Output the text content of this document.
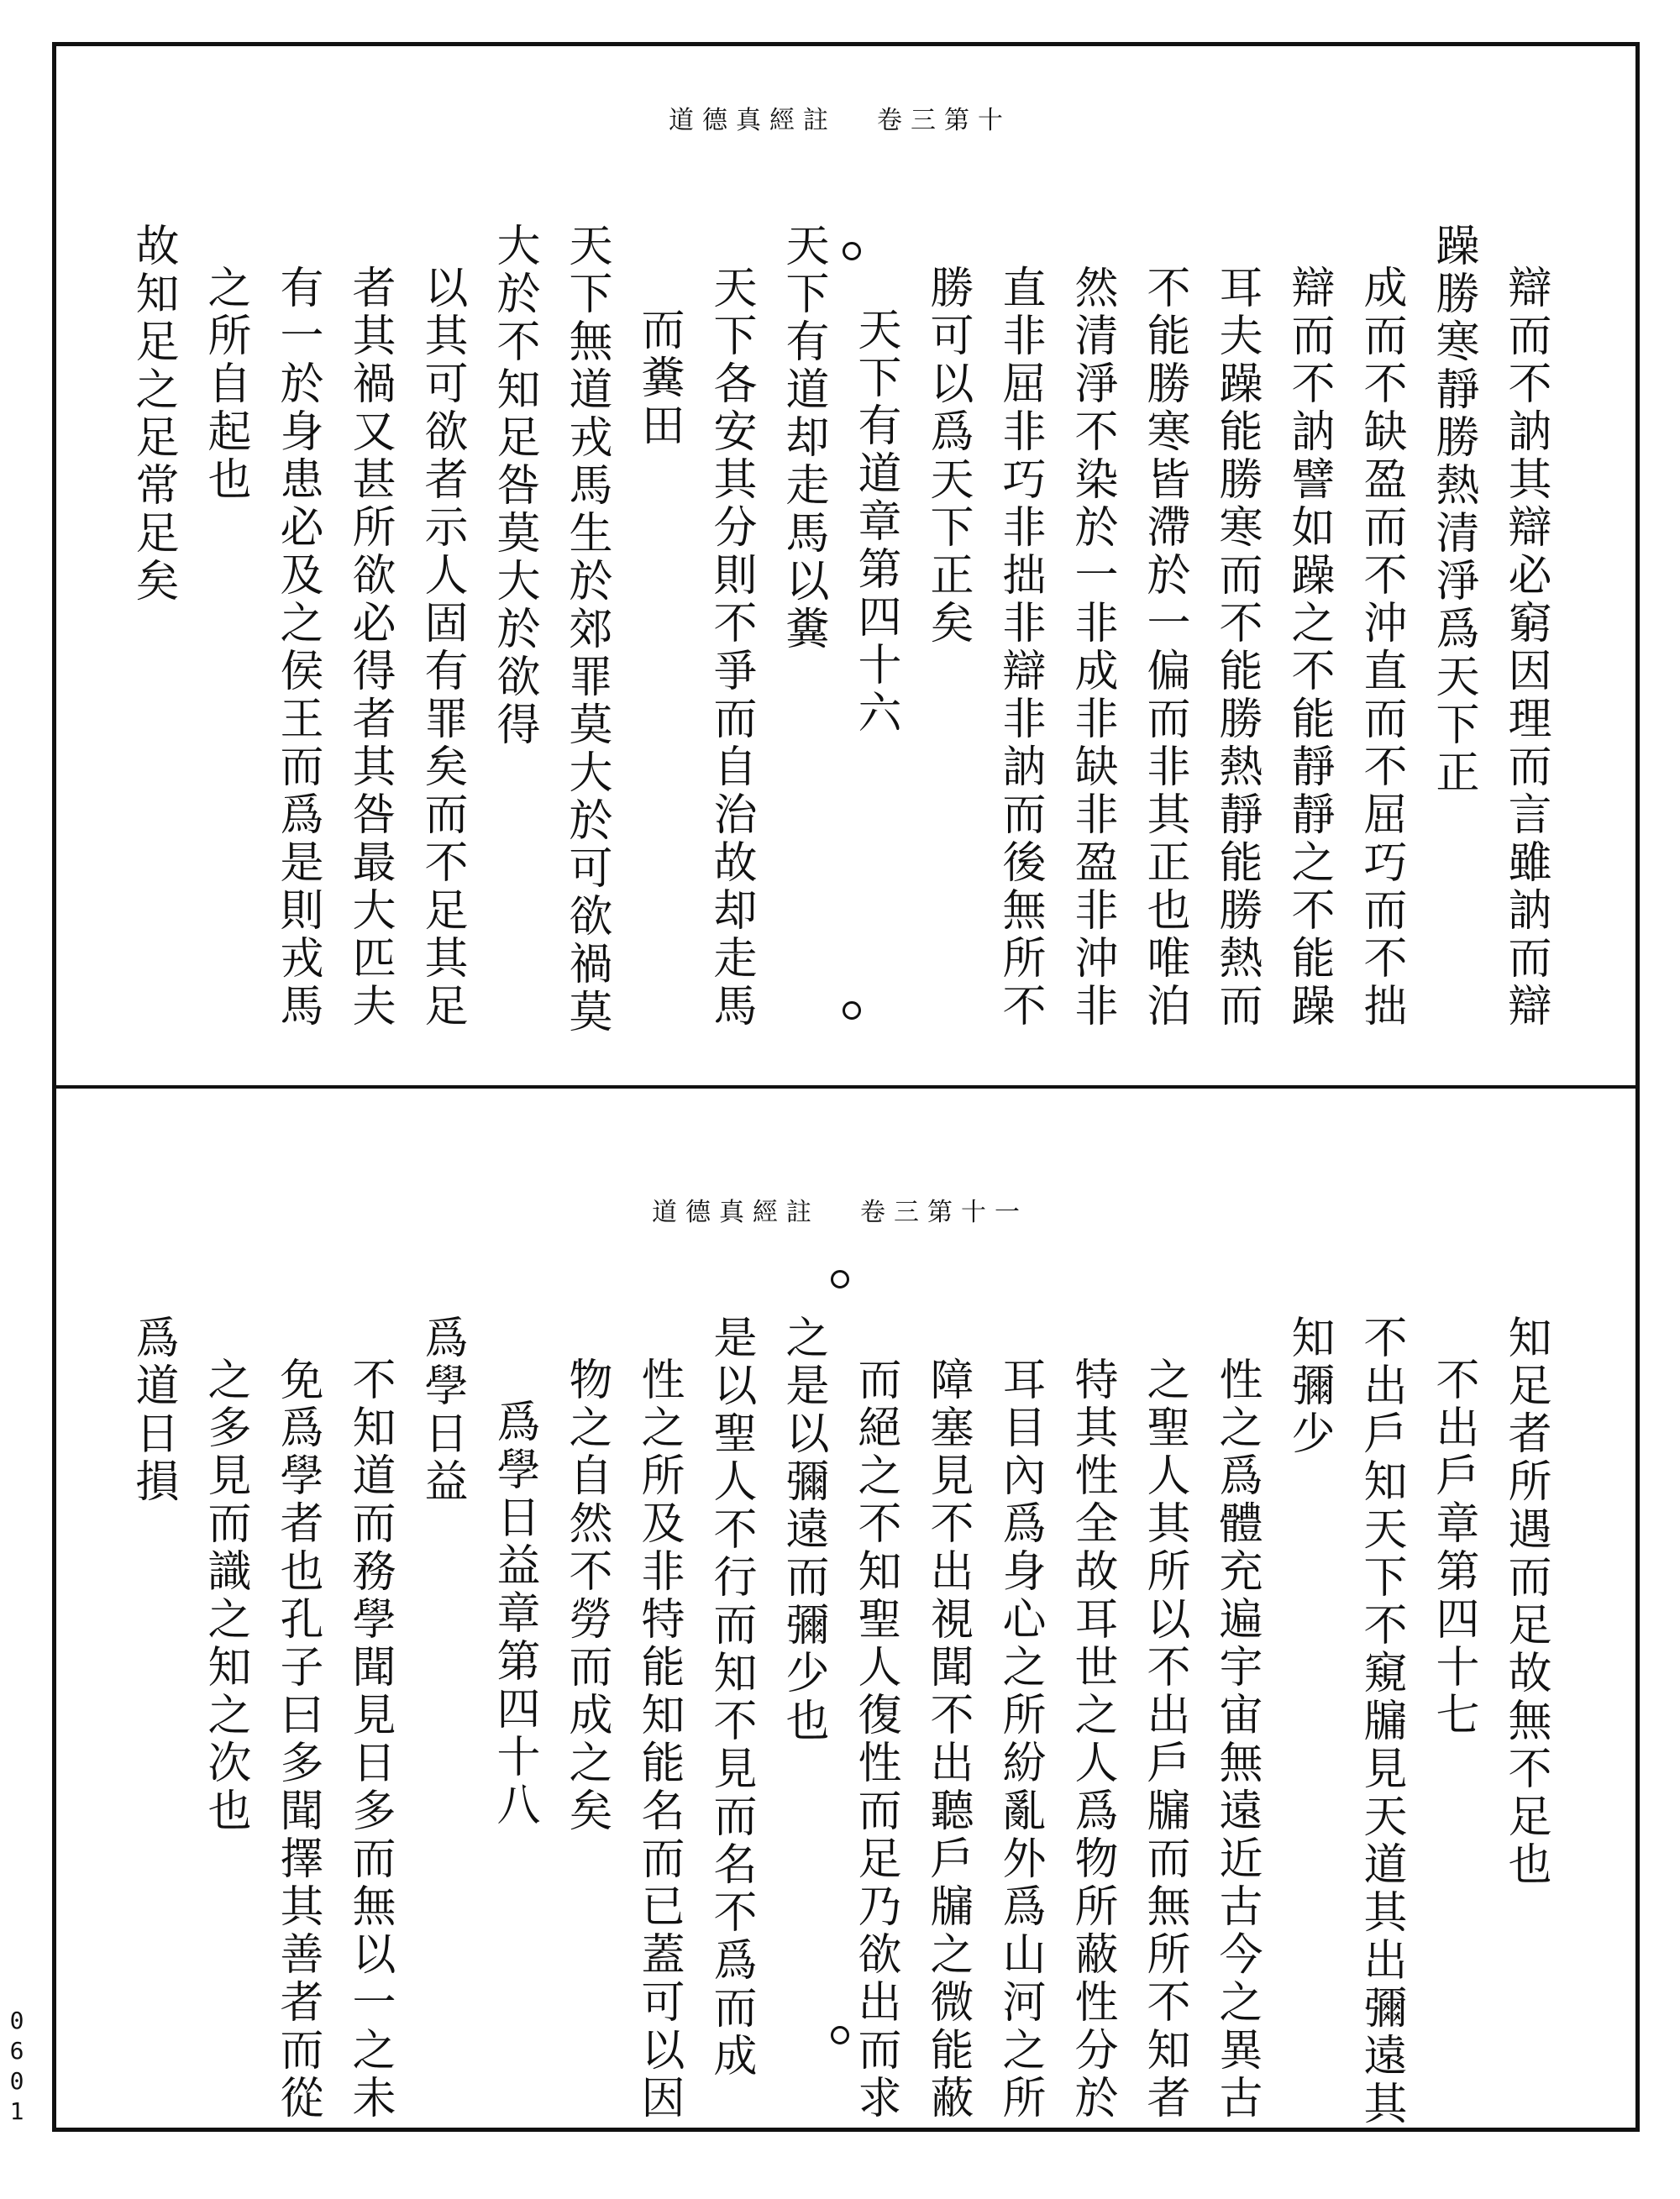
道德真經註 卷三第十
道德真經註 卷三第十一
辯而不訥其辯必窮因理而言雖訥而辯
躁勝寒靜勝熱清淨爲天下正
成而不缺盈而不沖直而不屈巧而不拙
辯而不訥譬如躁之不能靜靜之不能躁
耳夫躁能勝寒而不能勝熱靜能勝熱而
不能勝寒皆滯於一偏而非其正也唯泊
然清淨不染於一非成非缺非盈非沖非
直非屈非巧非拙非辯非訥而後無所不
勝可以爲天下正矣
天下有道章第四十六
天下有道却走馬以糞
天下各安其分則不爭而自治故却走馬
而糞田
天下無道戎馬生於郊罪莫大於可欲禍莫
大於不知足咎莫大於欲得
以其可欲者示人固有罪矣而不足其足
者其禍又甚所欲必得者其咎最大匹夫
有一於身患必及之侯王而爲是則戎馬
之所自起也
故知足之足常足矣
知足者所遇而足故無不足也
不出戶章第四十七
不出戶知天下不窺牖見天道其出彌遠其
知彌少
性之爲體充遍宇宙無遠近古今之異古
之聖人其所以不出戶牖而無所不知者
特其性全故耳世之人爲物所蔽性分於
耳目內爲身心之所紛亂外爲山河之所
障塞見不出視聞不出聽戶牖之微能蔽
而絕之不知聖人復性而足乃欲出而求
之是以彌遠而彌少也
是以聖人不行而知不見而名不爲而成
性之所及非特能知能名而已蓋可以因
物之自然不勞而成之矣
爲學日益章第四十八
爲學日益
不知道而務學聞見日多而無以一之未
免爲學者也孔子曰多聞擇其善者而從
之多見而識之知之次也
爲道日損
0
6
0
1
